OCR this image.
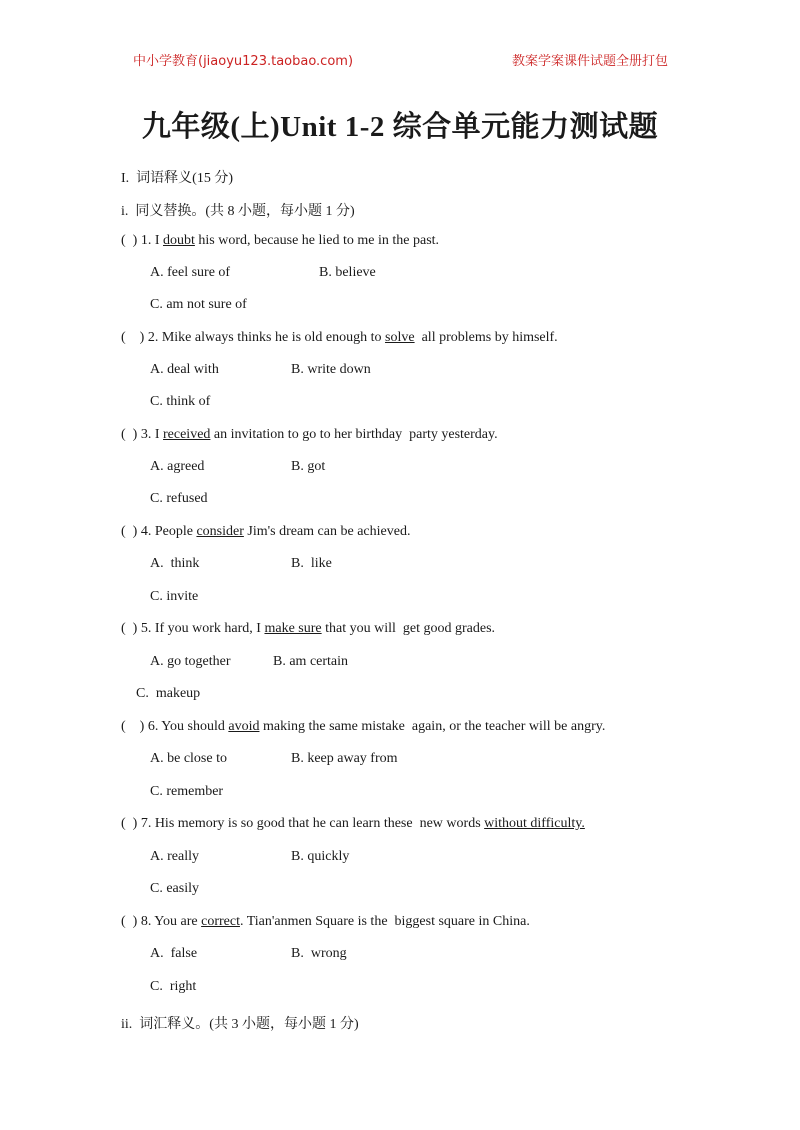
中小学教育(jiaoyu123.taobao.com)	教案学案课件试题全册打包
九年级(上)Unit 1-2 综合单元能力测试题
I.  词语释义(15 分)
i.  同义替换。(共 8 小题，每小题 1 分)
(  ) 1. I doubt his word, because he lied to me in the past.
A. feel sure of	B. believe
C. am not sure of
(    ) 2. Mike always thinks he is old enough to solve  all problems by himself.
A. deal with	B. write down
C. think of
(  ) 3. I received an invitation to go to her birthday  party yesterday.
A. agreed	B. got
C. refused
(  ) 4. People consider Jim's dream can be achieved.
A.  think	B.  like
C. invite
(  ) 5. If you work hard, I make sure that you will  get good grades.
A. go together	B. am certain
C.  makeup
(    ) 6. You should avoid making the same mistake  again, or the teacher will be angry.
A. be close to	B. keep away from
C. remember
(  ) 7. His memory is so good that he can learn these  new words without difficulty.
A. really	B. quickly
C. easily
(  ) 8. You are correct. Tian'anmen Square is the  biggest square in China.
A.  false	B.  wrong
C.  right
ii.  词汇释义。(共 3 小题，每小题 1 分)
